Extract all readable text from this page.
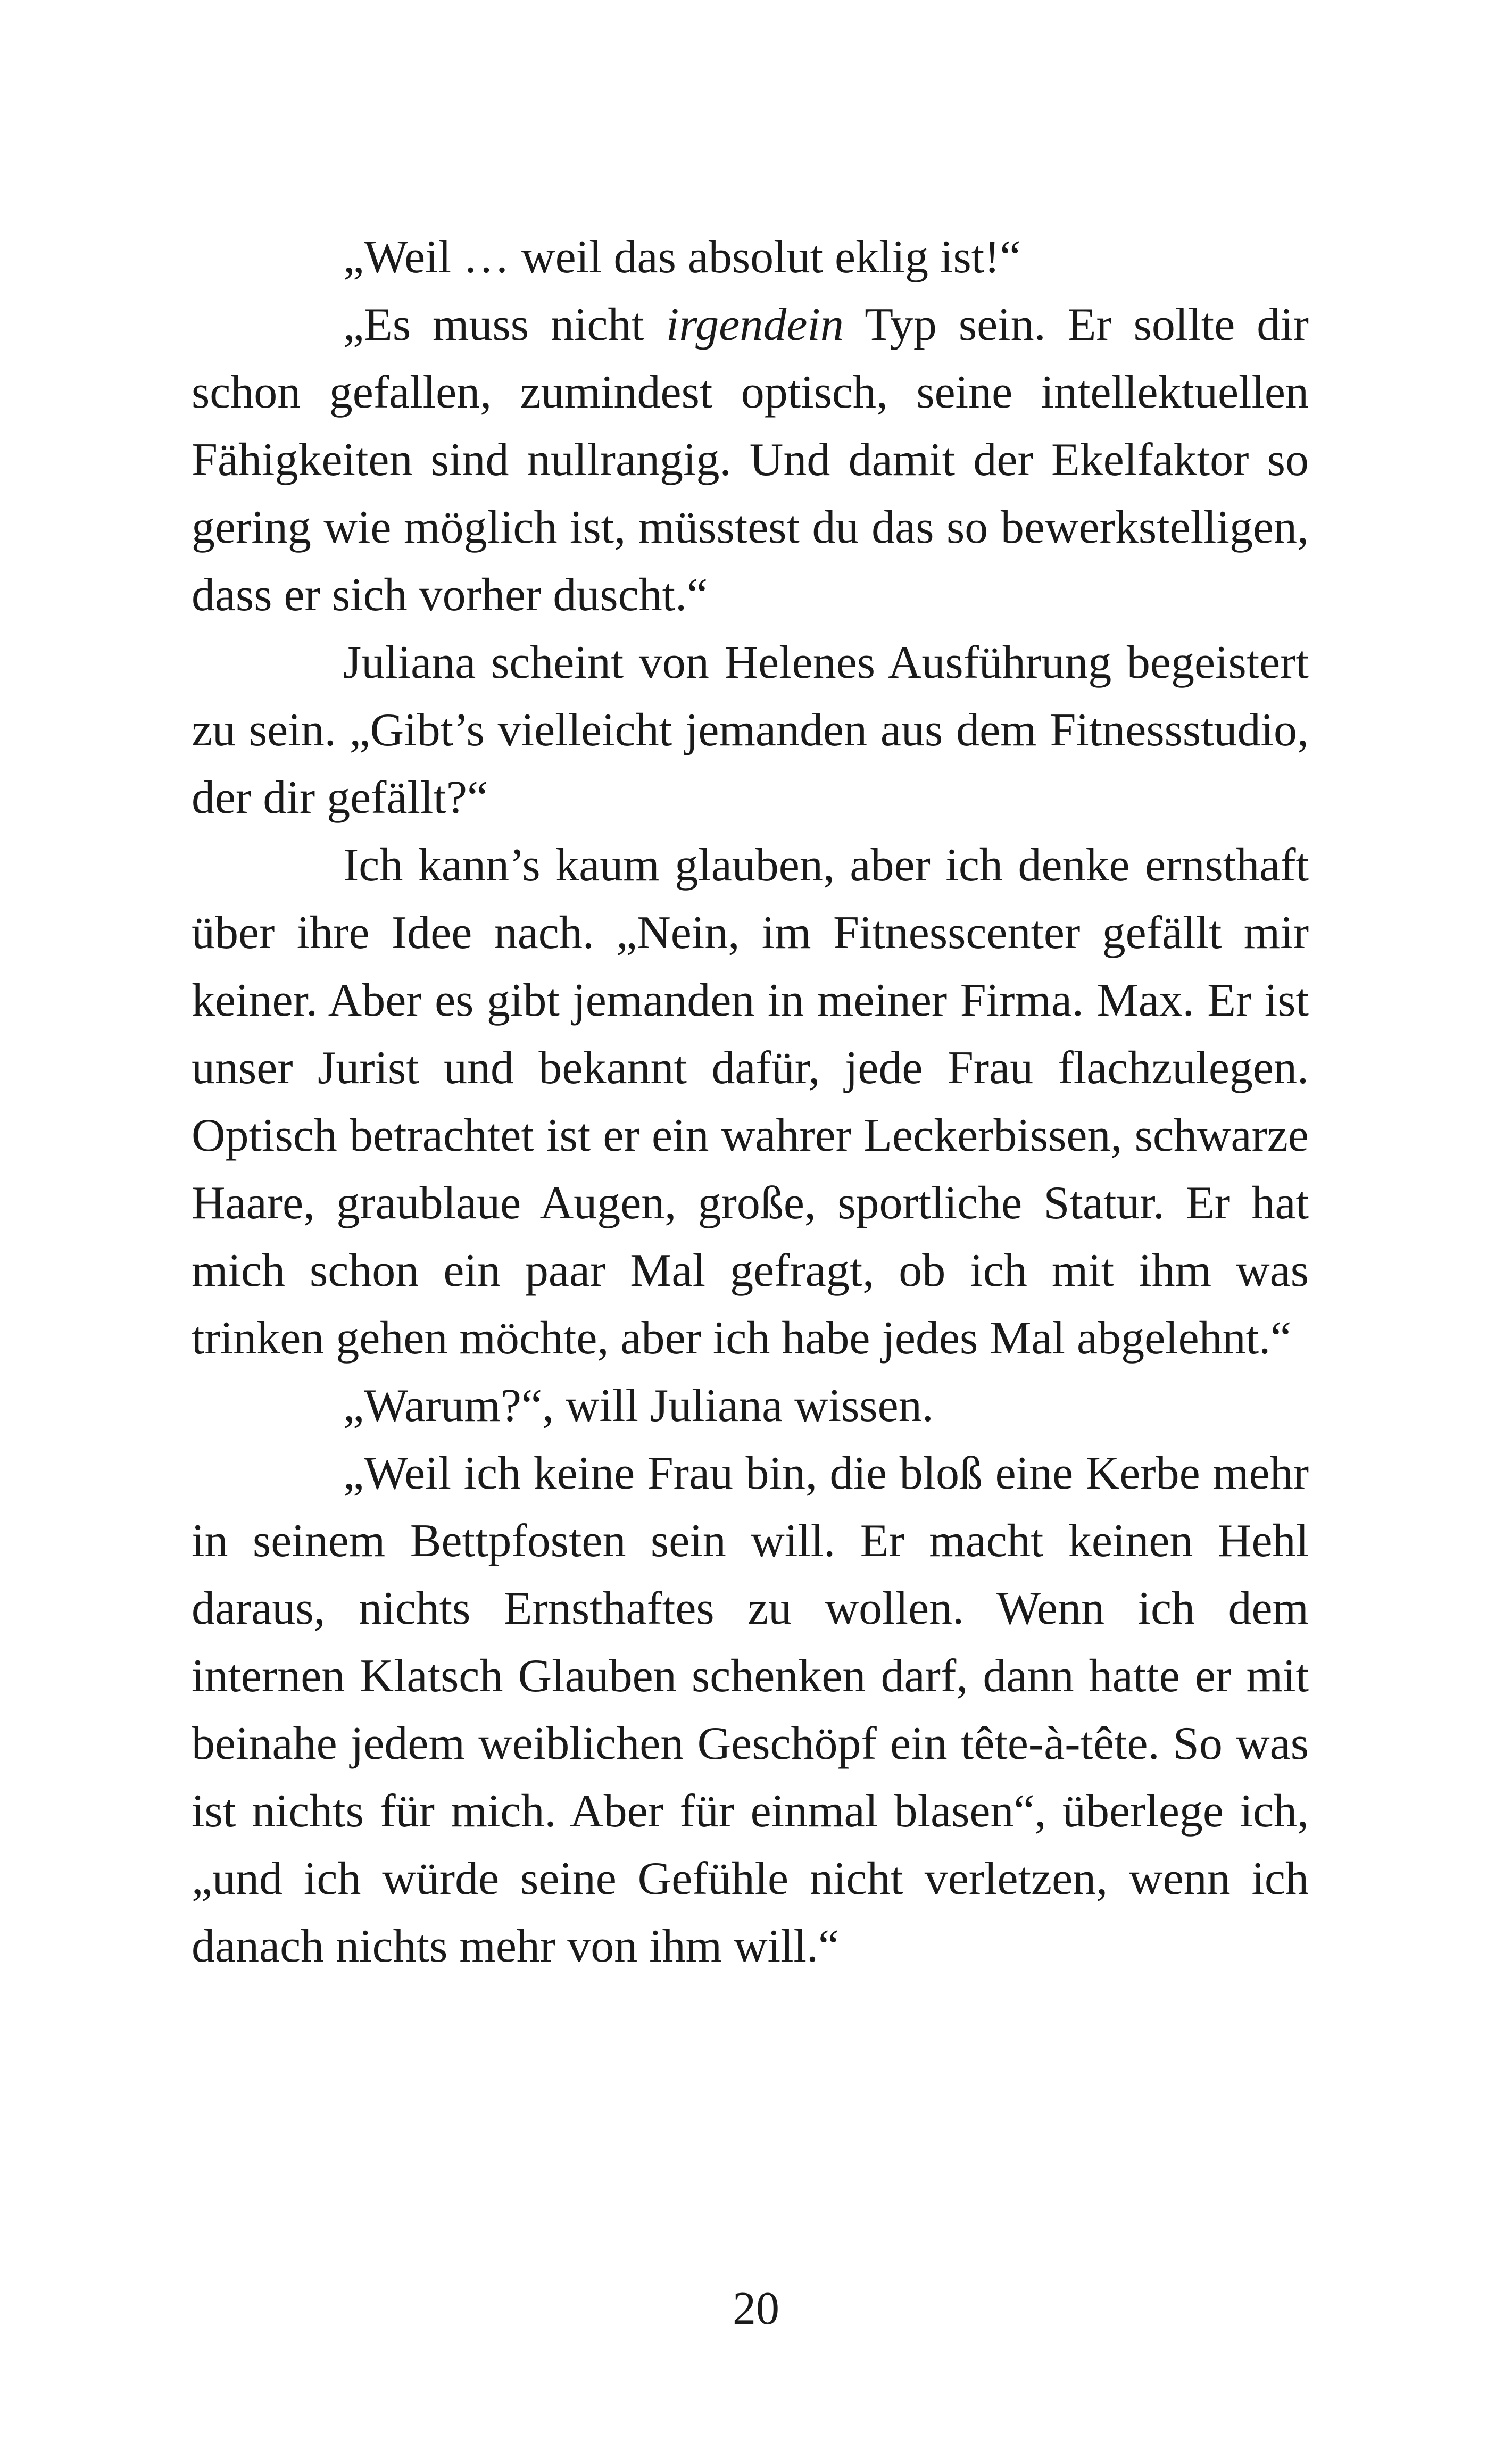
„Weil … weil das absolut eklig ist!“

„Es muss nicht irgendein Typ sein. Er sollte dir schon gefallen, zumindest optisch, seine intellektuellen Fähigkeiten sind nullrangig. Und damit der Ekelfaktor so gering wie möglich ist, müsstest du das so bewerkstelligen, dass er sich vorher duscht.“

Juliana scheint von Helenes Ausführung begeistert zu sein. „Gibt’s vielleicht jemanden aus dem Fitnessstudio, der dir gefällt?“

Ich kann’s kaum glauben, aber ich denke ernsthaft über ihre Idee nach. „Nein, im Fitnesscenter gefällt mir keiner. Aber es gibt jemanden in meiner Firma. Max. Er ist unser Jurist und bekannt dafür, jede Frau flachzulegen. Optisch betrachtet ist er ein wahrer Leckerbissen, schwarze Haare, graublaue Augen, große, sportliche Statur. Er hat mich schon ein paar Mal gefragt, ob ich mit ihm was trinken gehen möchte, aber ich habe jedes Mal abgelehnt.“

„Warum?“, will Juliana wissen.

„Weil ich keine Frau bin, die bloß eine Kerbe mehr in seinem Bettpfosten sein will. Er macht keinen Hehl daraus, nichts Ernsthaftes zu wollen. Wenn ich dem internen Klatsch Glauben schenken darf, dann hatte er mit beinahe jedem weiblichen Geschöpf ein tête-à-tête. So was ist nichts für mich. Aber für einmal blasen“, überlege ich, „und ich würde seine Gefühle nicht verletzen, wenn ich danach nichts mehr von ihm will.“

20
